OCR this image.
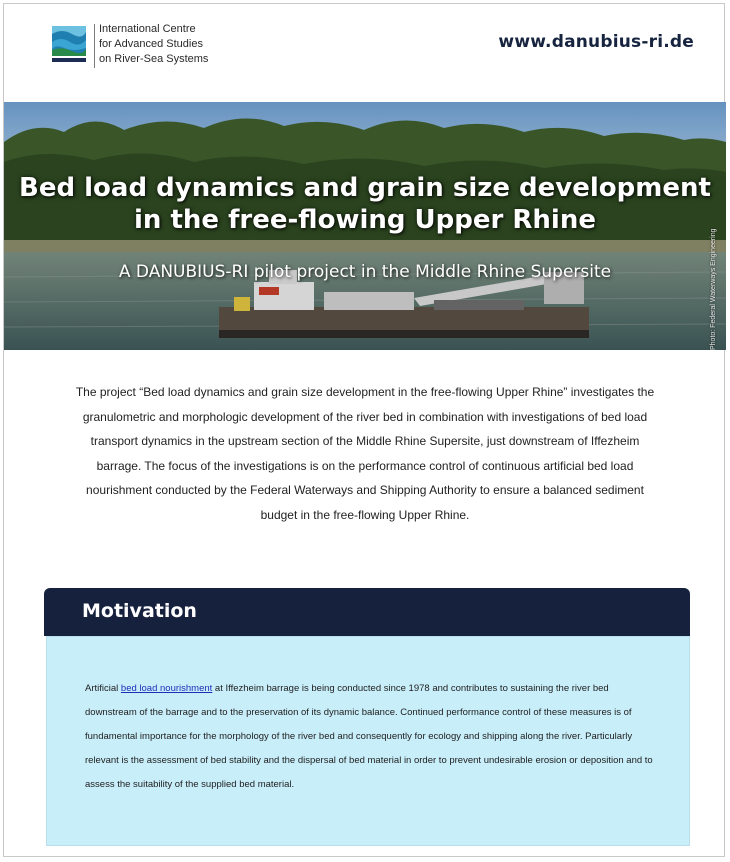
International Centre
for Advanced Studies
on River-Sea Systems
www.danubius-ri.de
Bed load dynamics and grain size development
in the free-flowing Upper Rhine
A DANUBIUS-RI pilot project in the Middle Rhine Supersite	Photo: Federal Waterways Engineering
The project “Bed load dynamics and grain size development in the free-flowing Upper Rhine” investigates the granulometric and morphologic development of the river bed in combination with investigations of bed load transport dynamics in the upstream section of the Middle Rhine Supersite, just downstream of Iffezheim barrage. The focus of the investigations is on the performance control of continuous artificial bed load nourishment conducted by the Federal Waterways and Shipping Authority to ensure a balanced sediment budget in the free-flowing Upper Rhine.
Motivation
Artificial bed load nourishment at Iffezheim barrage is being conducted since 1978 and contributes to sustaining the river bed downstream of the barrage and to the preservation of its dynamic balance. Continued performance control of these measures is of fundamental importance for the morphology of the river bed and consequently for ecology and shipping along the river. Particularly relevant is the assessment of bed stability and the dispersal of bed material in order to prevent undesirable erosion or deposition and to assess the suitability of the supplied bed material.
